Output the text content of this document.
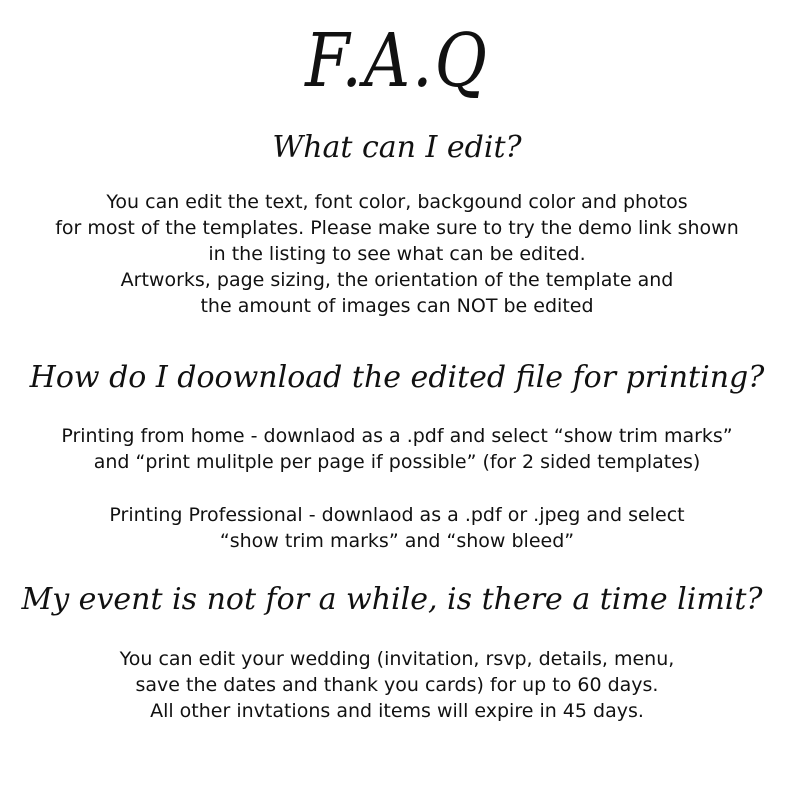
F.A.Q
What can I edit?
You can edit the text, font color, backgound color and photos
for most of the templates. Please make sure to try the demo link shown
in the listing to see what can be edited.
Artworks, page sizing, the orientation of the template and
the amount of images can NOT be edited
How do I doownload the edited file for printing?
Printing from home - downlaod as a .pdf and select “show trim marks”
and “print mulitple per page if possible” (for 2 sided templates)
Printing Professional - downlaod as a .pdf or .jpeg and select
“show trim marks” and “show bleed”
My event is not for a while, is there a time limit?
You can edit your wedding (invitation, rsvp, details, menu,
save the dates and thank you cards) for up to 60 days.
All other invtations and items will expire in 45 days.
